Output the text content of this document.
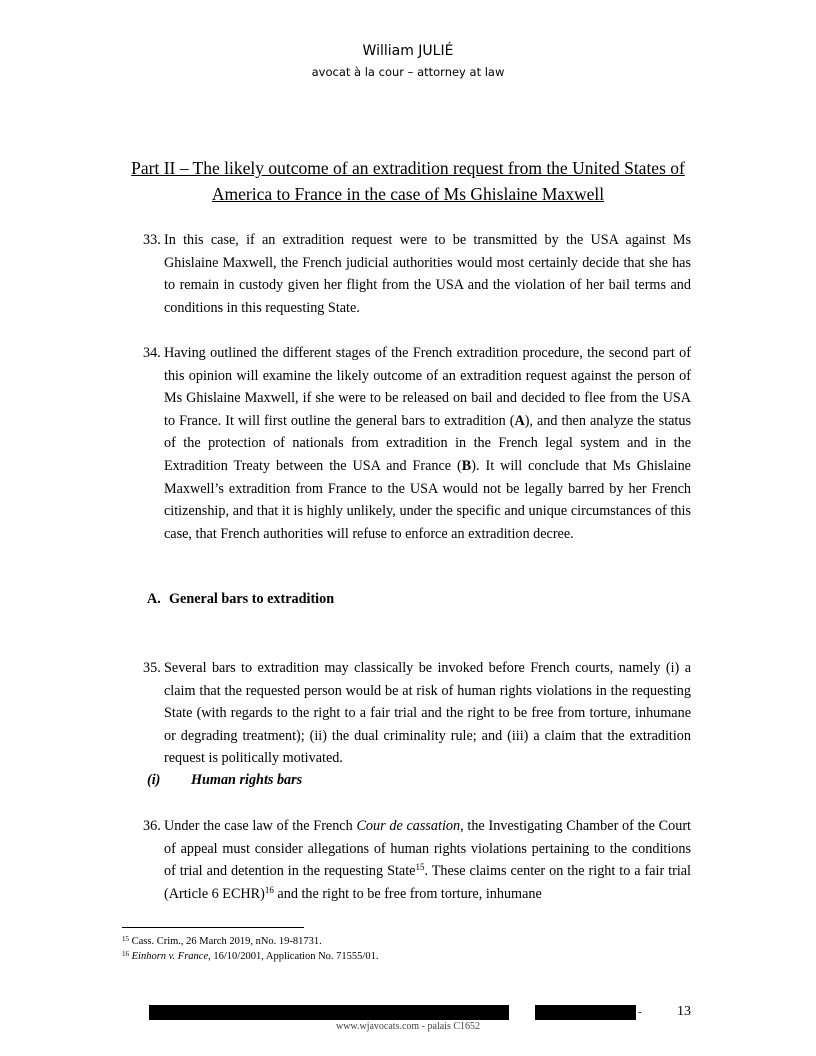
William JULIÉ
avocat à la cour – attorney at law
Part II – The likely outcome of an extradition request from the United States of America to France in the case of Ms Ghislaine Maxwell
33. In this case, if an extradition request were to be transmitted by the USA against Ms Ghislaine Maxwell, the French judicial authorities would most certainly decide that she has to remain in custody given her flight from the USA and the violation of her bail terms and conditions in this requesting State.
34. Having outlined the different stages of the French extradition procedure, the second part of this opinion will examine the likely outcome of an extradition request against the person of Ms Ghislaine Maxwell, if she were to be released on bail and decided to flee from the USA to France. It will first outline the general bars to extradition (A), and then analyze the status of the protection of nationals from extradition in the French legal system and in the Extradition Treaty between the USA and France (B). It will conclude that Ms Ghislaine Maxwell’s extradition from France to the USA would not be legally barred by her French citizenship, and that it is highly unlikely, under the specific and unique circumstances of this case, that French authorities will refuse to enforce an extradition decree.
A. General bars to extradition
35. Several bars to extradition may classically be invoked before French courts, namely (i) a claim that the requested person would be at risk of human rights violations in the requesting State (with regards to the right to a fair trial and the right to be free from torture, inhumane or degrading treatment); (ii) the dual criminality rule; and (iii) a claim that the extradition request is politically motivated.
(i) Human rights bars
36. Under the case law of the French Cour de cassation, the Investigating Chamber of the Court of appeal must consider allegations of human rights violations pertaining to the conditions of trial and detention in the requesting State$^{15}$. These claims center on the right to a fair trial (Article 6 ECHR)$^{16}$ and the right to be free from torture, inhumane
$^{15}$ Cass. Crim., 26 March 2019, nNo. 19-81731.
$^{16}$ Einhorn v. France, 16/10/2001, Application No. 71555/01.
-	13
www.wjavocats.com - palais C1652
